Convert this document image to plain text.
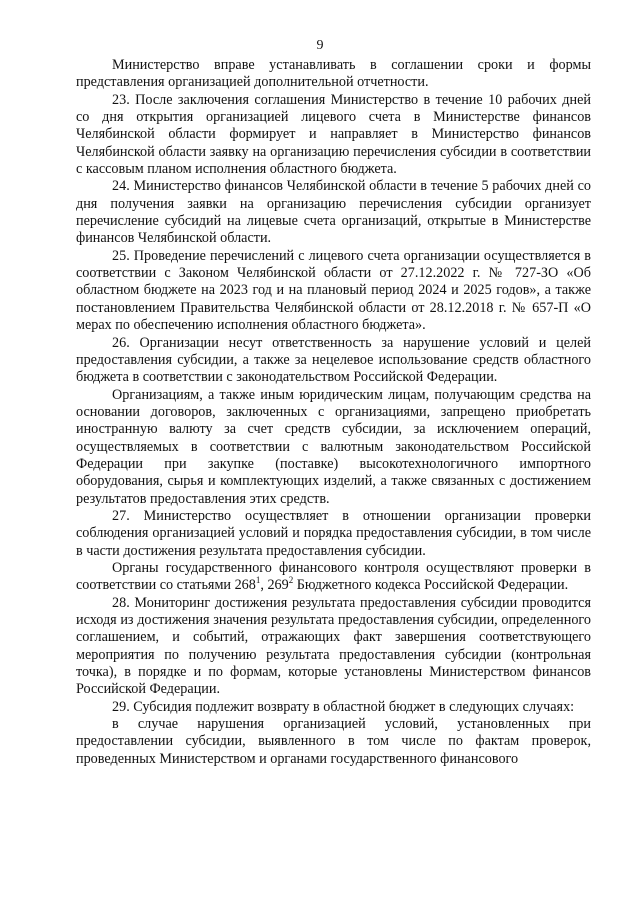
9

Министерство вправе устанавливать в соглашении сроки и формы представления организацией дополнительной отчетности.

23. После заключения соглашения Министерство в течение 10 рабочих дней со дня открытия организацией лицевого счета в Министерстве финансов Челябинской области формирует и направляет в Министерство финансов Челябинской области заявку на организацию перечисления субсидии в соответствии с кассовым планом исполнения областного бюджета.

24. Министерство финансов Челябинской области в течение 5 рабочих дней со дня получения заявки на организацию перечисления субсидии организует перечисление субсидий на лицевые счета организаций, открытые в Министерстве финансов Челябинской области.

25. Проведение перечислений с лицевого счета организации осуществляется в соответствии с Законом Челябинской области от 27.12.2022 г. № 727-ЗО «Об областном бюджете на 2023 год и на плановый период 2024 и 2025 годов», а также постановлением Правительства Челябинской области от 28.12.2018 г. № 657-П «О мерах по обеспечению исполнения областного бюджета».

26. Организации несут ответственность за нарушение условий и целей предоставления субсидии, а также за нецелевое использование средств областного бюджета в соответствии с законодательством Российской Федерации.

Организациям, а также иным юридическим лицам, получающим средства на основании договоров, заключенных с организациями, запрещено приобретать иностранную валюту за счет средств субсидии, за исключением операций, осуществляемых в соответствии с валютным законодательством Российской Федерации при закупке (поставке) высокотехнологичного импортного оборудования, сырья и комплектующих изделий, а также связанных с достижением результатов предоставления этих средств.

27. Министерство осуществляет в отношении организации проверки соблюдения организацией условий и порядка предоставления субсидии, в том числе в части достижения результата предоставления субсидии.

Органы государственного финансового контроля осуществляют проверки в соответствии со статьями $268^1$, $269^2$ Бюджетного кодекса Российской Федерации.

28. Мониторинг достижения результата предоставления субсидии проводится исходя из достижения значения результата предоставления субсидии, определенного соглашением, и событий, отражающих факт завершения соответствующего мероприятия по получению результата предоставления субсидии (контрольная точка), в порядке и по формам, которые установлены Министерством финансов Российской Федерации.

29. Субсидия подлежит возврату в областной бюджет в следующих случаях:

в случае нарушения организацией условий, установленных при предоставлении субсидии, выявленного в том числе по фактам проверок, проведенных Министерством и органами государственного финансового
